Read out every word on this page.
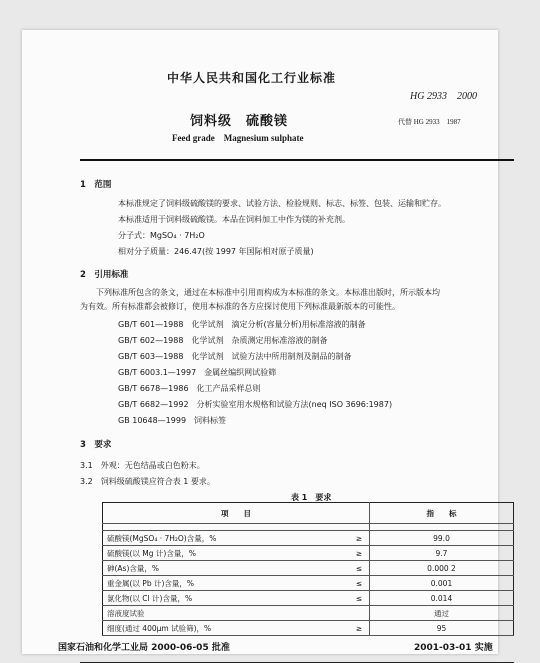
中华人民共和国化工行业标准
HG 2933　2000
饲料级　硫酸镁	代替 HG 2933　1987
Feed grade　Magnesium sulphate
1　范围
本标准规定了饲料级硫酸镁的要求、试验方法、检验规则、标志、标签、包装、运输和贮存。
本标准适用于饲料级硫酸镁。本品在饲料加工中作为镁的补充剂。
分子式：MgSO₄ · 7H₂O
相对分子质量：246.47(按 1997 年国际相对原子质量)
2　引用标准
下列标准所包含的条文，通过在本标准中引用而构成为本标准的条文。本标准出版时，所示版本均
为有效。所有标准都会被修订，使用本标准的各方应探讨使用下列标准最新版本的可能性。
GB/T 601—1988　化学试剂　滴定分析(容量分析)用标准溶液的制备
GB/T 602—1988　化学试剂　杂质测定用标准溶液的制备
GB/T 603—1988　化学试剂　试验方法中所用制剂及制品的制备
GB/T 6003.1—1997　金属丝编织网试验筛
GB/T 6678—1986　化工产品采样总则
GB/T 6682—1992　分析实验室用水规格和试验方法(neq ISO 3696:1987)
GB 10648—1999　饲料标签
3　要求
3.1　外观：无色结晶或白色粉末。
3.2　饲料级硫酸镁应符合表 1 要求。
表 1　要求
项　　目		指　　标

硫酸镁(MgSO₄ · 7H₂O)含量，%	≥	99.0
硫酸镁(以 Mg 计)含量，%	≥	9.7
砷(As)含量，%	≤	0.000 2
重金属(以 Pb 计)含量，%	≤	0.001
氯化物(以 Cl 计)含量，%	≤	0.014
溶液度试验		通过
细度(通过 400μm 试验筛)，%	≥	95
国家石油和化学工业局 2000-06-05 批准	2001-03-01 实施
